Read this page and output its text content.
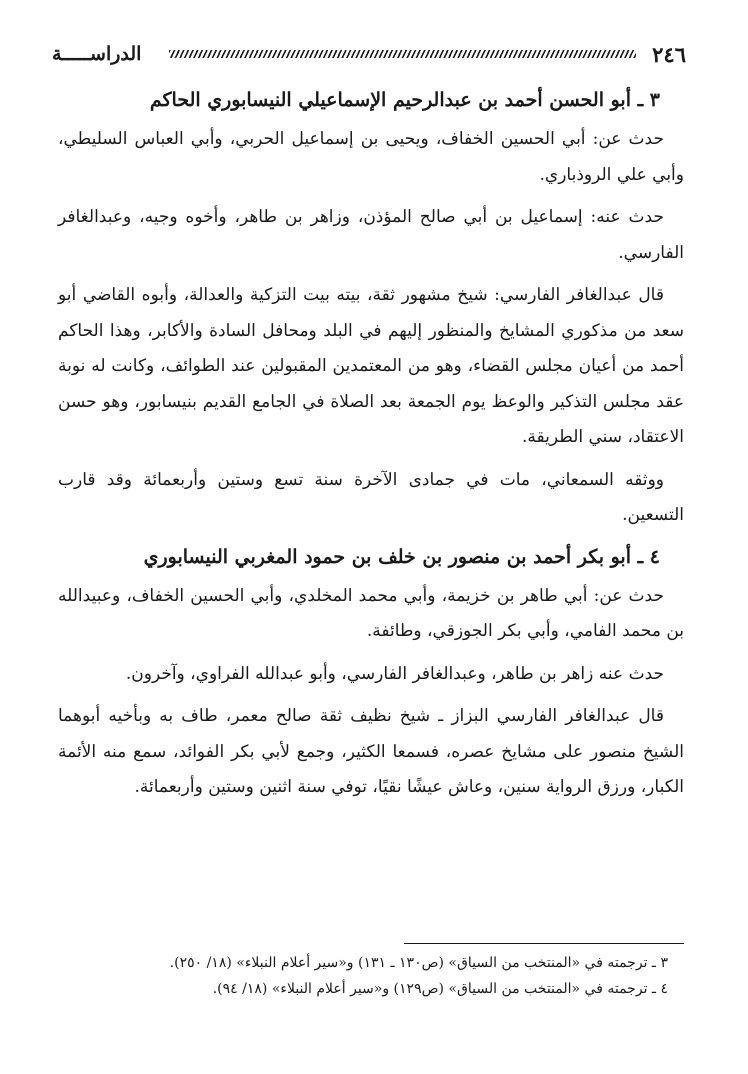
الدراســـــة	٢٤٦
٣ ـ أبو الحسن أحمد بن عبدالرحيم الإسماعيلي النيسابوري الحاكم

حدث عن: أبي الحسين الخفاف، ويحيى بن إسماعيل الحربي، وأبي العباس السليطي، وأبي علي الروذباري.

حدث عنه: إسماعيل بن أبي صالح المؤذن، وزاهر بن طاهر، وأخوه وجيه، وعبدالغافر الفارسي.

قال عبدالغافر الفارسي: شيخ مشهور ثقة، بيته بيت التزكية والعدالة، وأبوه القاضي أبو سعد من مذكوري المشايخ والمنظور إليهم في البلد ومحافل السادة والأكابر، وهذا الحاكم أحمد من أعيان مجلس القضاء، وهو من المعتمدين المقبولين عند الطوائف، وكانت له نوبة عقد مجلس التذكير والوعظ يوم الجمعة بعد الصلاة في الجامع القديم بنيسابور، وهو حسن الاعتقاد، سني الطريقة.

ووثقه السمعاني، مات في جمادى الآخرة سنة تسع وستين وأربعمائة وقد قارب التسعين.

٤ ـ أبو بكر أحمد بن منصور بن خلف بن حمود المغربي النيسابوري

حدث عن: أبي طاهر بن خزيمة، وأبي محمد المخلدي، وأبي الحسين الخفاف، وعبيدالله بن محمد الفامي، وأبي بكر الجوزقي، وطائفة.

حدث عنه زاهر بن طاهر، وعبدالغافر الفارسي، وأبو عبدالله الفراوي، وآخرون.

قال عبدالغافر الفارسي البزاز ـ شيخ نظيف ثقة صالح معمر، طاف به وبأخيه أبوهما الشيخ منصور على مشايخ عصره، فسمعا الكثير، وجمع لأبي بكر الفوائد، سمع منه الأئمة الكبار، ورزق الرواية سنين، وعاش عيشًا نقيًا، توفي سنة اثنين وستين وأربعمائة.

٣ ـ ترجمته في «المنتخب من السياق» (ص١٣٠ ـ ١٣١) و«سير أعلام النبلاء» (١٨/ ٢٥٠).
٤ ـ ترجمته في «المنتخب من السياق» (ص١٢٩) و«سير أعلام النبلاء» (١٨/ ٩٤).
